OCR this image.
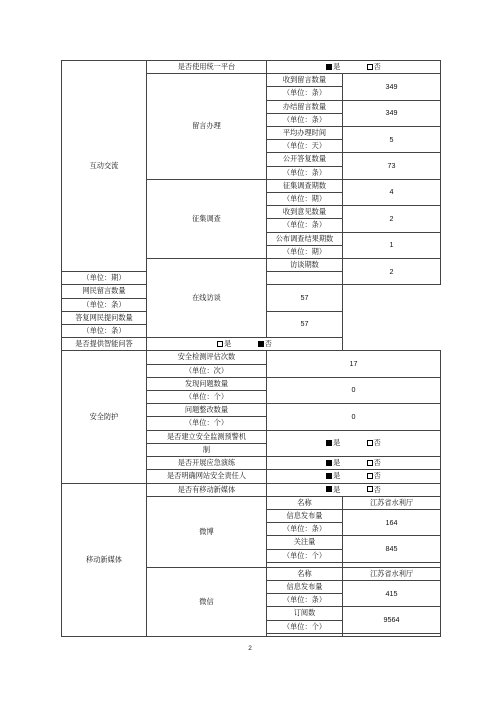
互动交流	是否使用统一平台	是 否	
	留言办理	收到留言数量	349
		（单位：条）	
		办结留言数量	349
		（单位：条）	
		平均办理时间	5
		（单位：天）	
		公开答复数量	73
		（单位：条）	
	征集调查	征集调查期数	4
		（单位：期）	
		收到意见数量	2
		（单位：条）	
		公布调查结果期数	1
		（单位：期）	
	在线访谈	访谈期数	2
（单位：期）			
网民留言数量		57	
（单位：条）			
答复网民提问数量		57	
（单位：条）			
是否提供智能问答	是 否		
安全防护	安全检测评估次数	17	
	（单位：次）		
	发现问题数量	0	
	（单位：个）		
	问题整改数量	0	
	（单位：个）		
	是否建立安全监测预警机	是 否	
	制		
	是否开展应急演练	是 否	
	是否明确网站安全责任人	是 否	
移动新媒体	是否有移动新媒体	是 否	
	微博	名称	江苏省水利厅
		信息发布量	164
		（单位：条）	
		关注量	845
		（单位：个）	

	微信	名称	江苏省水利厅
		信息发布量	415
		（单位：条）	
		订阅数	9564
		（单位：个）	

2
